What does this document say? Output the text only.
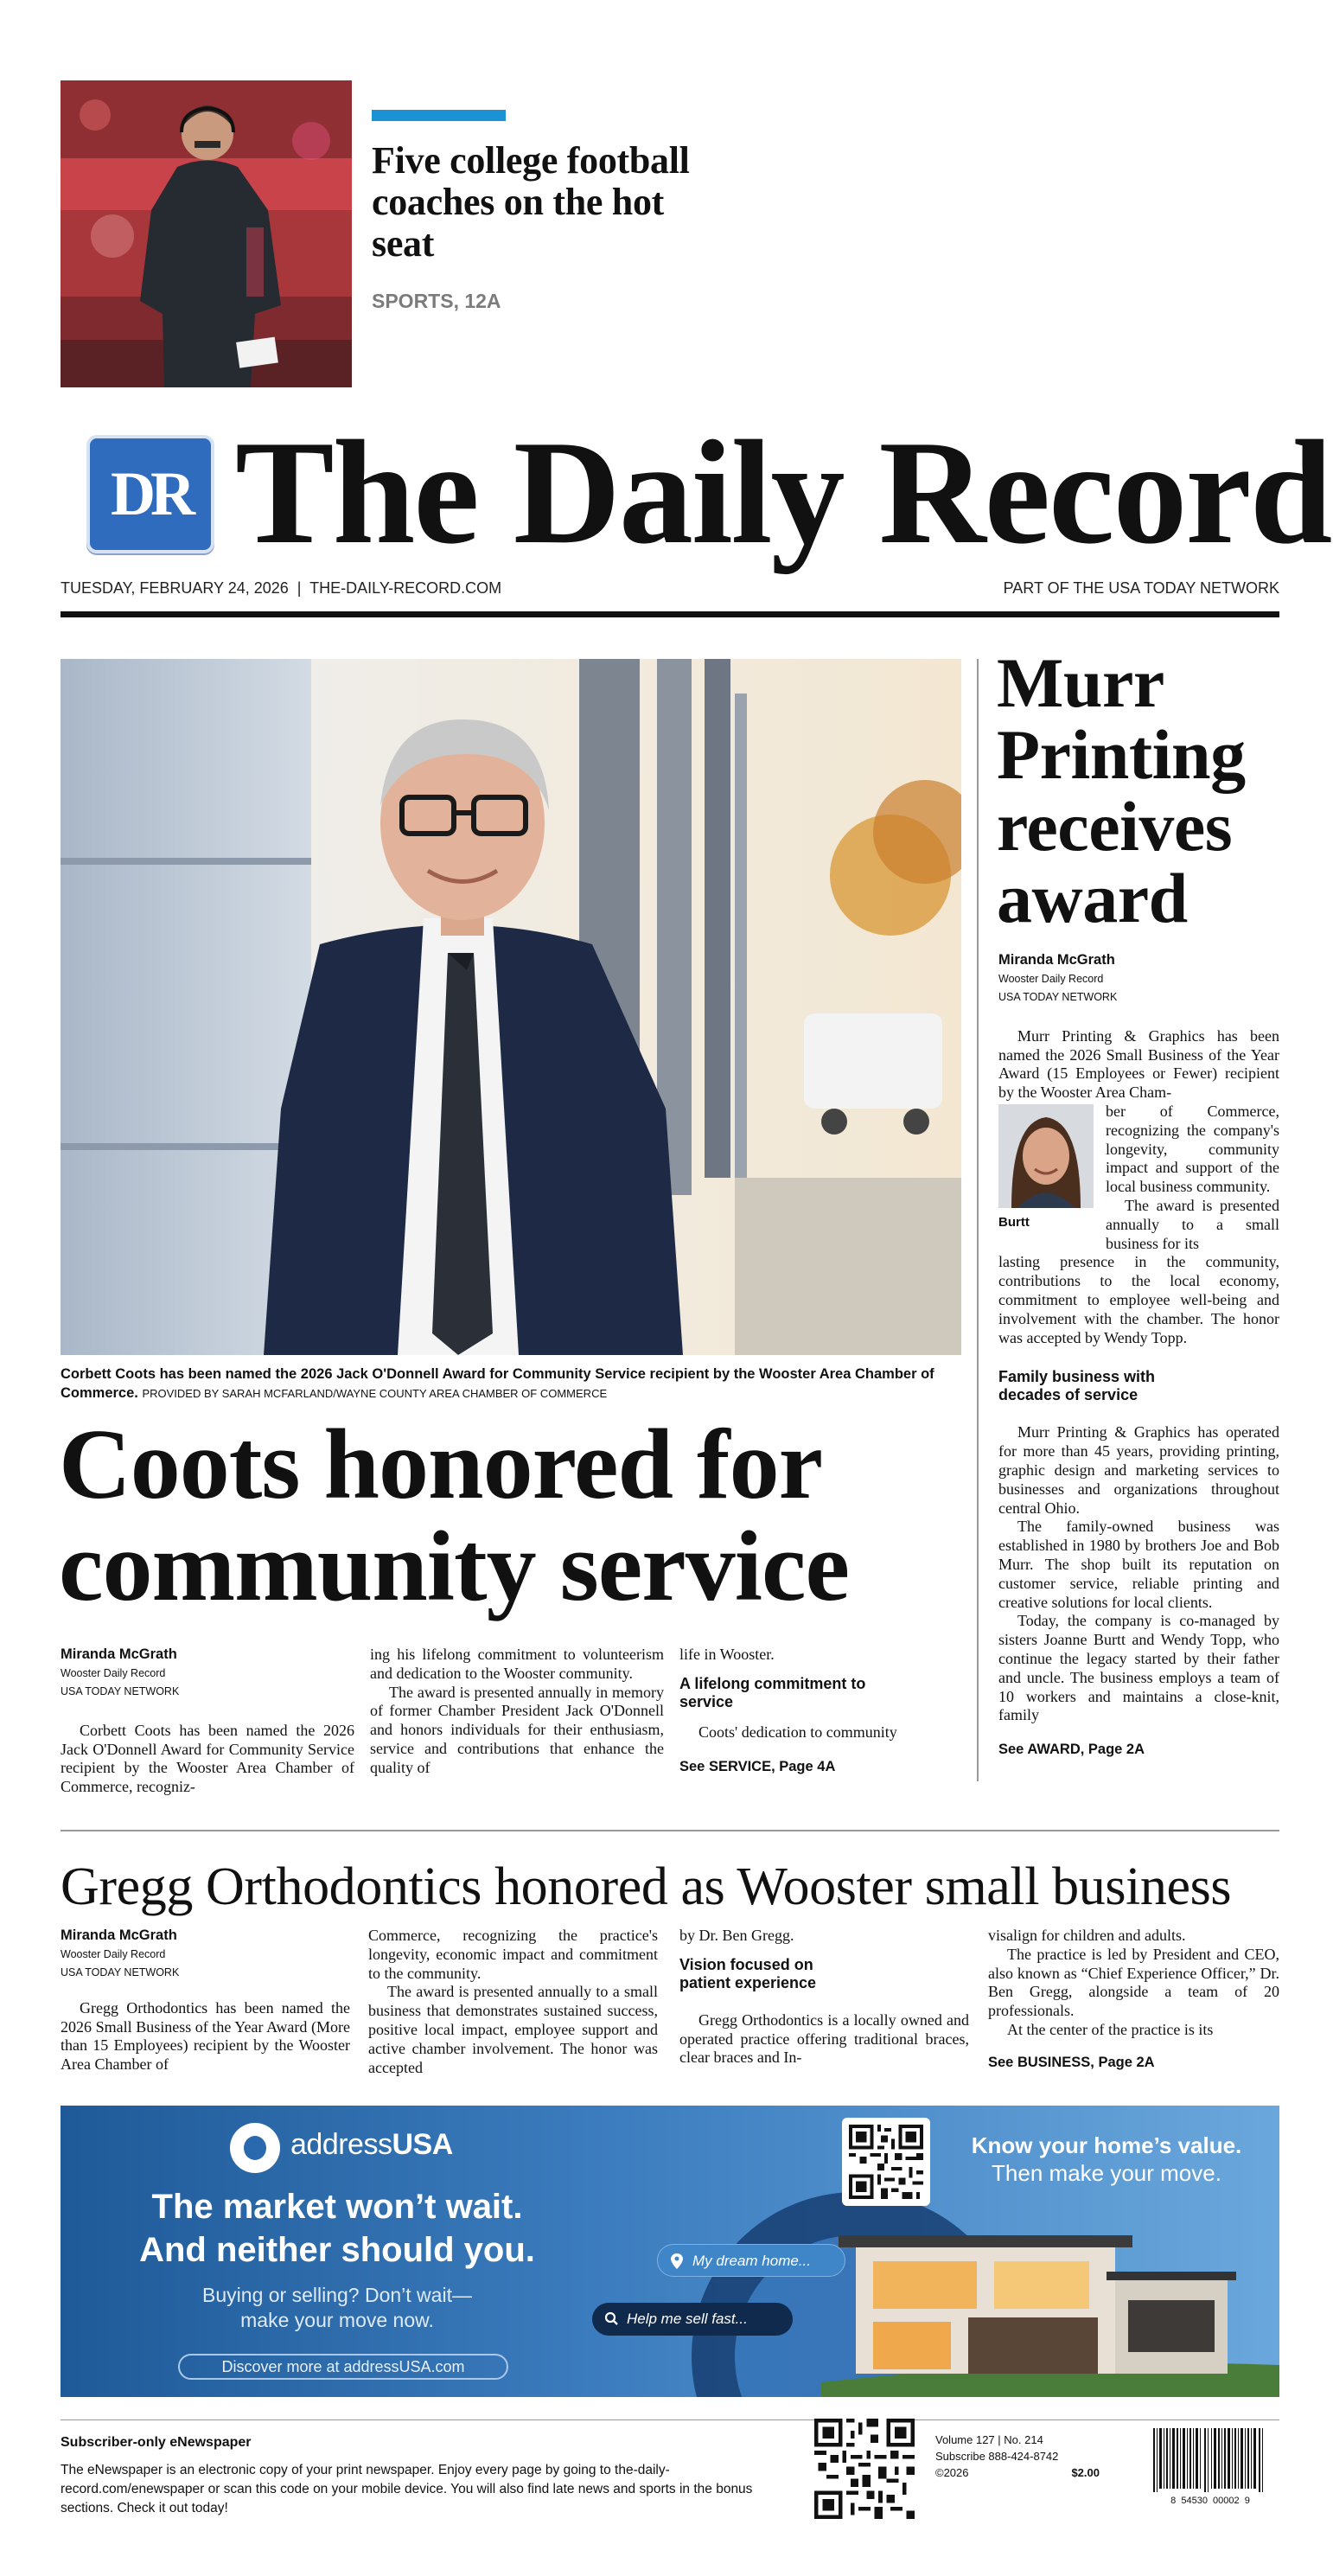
Five college football coaches on the hot seat
SPORTS, 12A
DR The Daily Record
TUESDAY, FEBRUARY 24, 2026  |  THE-DAILY-RECORD.COM	PART OF THE USA TODAY NETWORK
Corbett Coots has been named the 2026 Jack O'Donnell Award for Community Service recipient by the Wooster Area Chamber of Commerce. PROVIDED BY SARAH MCFARLAND/WAYNE COUNTY AREA CHAMBER OF COMMERCE
Coots honored for community service
Miranda McGrath
Wooster Daily Record
USA TODAY NETWORK

Corbett Coots has been named the 2026 Jack O'Donnell Award for Community Service recipient by the Wooster Area Chamber of Commerce, recogniz-

ing his lifelong commitment to volunteerism and dedication to the Wooster community.

The award is presented annually in memory of former Chamber President Jack O'Donnell and honors individuals for their enthusiasm, service and contributions that enhance the quality of

life in Wooster.

A lifelong commitment to service

Coots' dedication to community

See SERVICE, Page 4A
Murr Printing receives award
Miranda McGrath
Wooster Daily Record
USA TODAY NETWORK

Murr Printing & Graphics has been named the 2026 Small Business of the Year Award (15 Employees or Fewer) recipient by the Wooster Area Cham-

Burtt

ber of Commerce, recognizing the company's longevity, community impact and support of the local business community.

The award is presented annually to a small business for its

lasting presence in the community, contributions to the local economy, commitment to employee well-being and involvement with the chamber. The honor was accepted by Wendy Topp.

Family business with decades of service

Murr Printing & Graphics has operated for more than 45 years, providing printing, graphic design and marketing services to businesses and organizations throughout central Ohio.

The family-owned business was established in 1980 by brothers Joe and Bob Murr. The shop built its reputation on customer service, reliable printing and creative solutions for local clients.

Today, the company is co-managed by sisters Joanne Burtt and Wendy Topp, who continue the legacy started by their father and uncle. The business employs a team of 10 workers and maintains a close-knit, family

See AWARD, Page 2A
Gregg Orthodontics honored as Wooster small business
Miranda McGrath
Wooster Daily Record
USA TODAY NETWORK

Gregg Orthodontics has been named the 2026 Small Business of the Year Award (More than 15 Employees) recipient by the Wooster Area Chamber of

Commerce, recognizing the practice's longevity, economic impact and commitment to the community.

The award is presented annually to a small business that demonstrates sustained success, positive local impact, employee support and active chamber involvement. The honor was accepted

by Dr. Ben Gregg.

Vision focused on patient experience

Gregg Orthodontics is a locally owned and operated practice offering traditional braces, clear braces and In-

visalign for children and adults.

The practice is led by President and CEO, also known as “Chief Experience Officer,” Dr. Ben Gregg, alongside a team of 20 professionals.

At the center of the practice is its

See BUSINESS, Page 2A
addressUSA
The market won’t wait.
And neither should you.
Buying or selling? Don’t wait—
make your move now.
Discover more at addressUSA.com
Know your home’s value.
Then make your move.
My dream home...
Help me sell fast...
Subscriber-only eNewspaper
The eNewspaper is an electronic copy of your print newspaper. Enjoy every page by going to the-daily-record.com/enewspaper or scan this code on your mobile device. You will also find late news and sports in the bonus sections. Check it out today!
Volume 127 | No. 214
Subscribe 888-424-8742
©2026	$2.00
8  54530  00002  9
